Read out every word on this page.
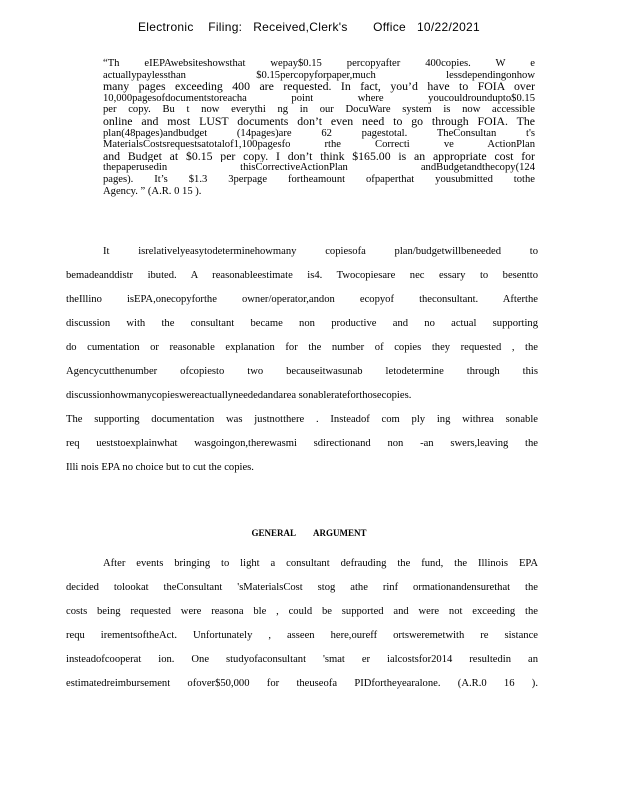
Electronic    Filing:   Received,Clerk's       Office   10/22/2021
“Th eIEPAwebsiteshowsthat wepay$0.15 percopyafter 400copies. W e
actuallypaylessthan $0.15percopyforpaper,much lessdependingonhow
many pages exceeding 400 are requested. In fact, you’d have to FOIA over
10,000pagesofdocumentstoreacha point where youcouldroundupto$0.15
per copy. Bu t now everythi ng in our DocuWare system is now accessible
online and most LUST documents don’t even need to go through FOIA. The
plan(48pages)andbudget (14pages)are 62 pagestotal. TheConsultan t's
MaterialsCostsrequestsatotalof1,100pagesfo rthe Correcti ve ActionPlan
and Budget at $0.15 per copy. I don’t think $165.00 is an appropriate cost for
thepaperusedin thisCorrectiveActionPlan andBudgetandthecopy(124
pages). It’s $1.3 3perpage fortheamount ofpaperthat yousubmitted tothe
Agency. ” (A.R. 0 15 ).
It isrelativelyeasytodeterminehowmany copiesofa plan/budgetwillbeneeded to
bemadeanddistr ibuted. A reasonableestimate is4. Twocopiesare nec essary to besentto
theIllino isEPA,onecopyforthe owner/operator,andon ecopyof theconsultant. Afterthe
discussion with the consultant became non productive and no actual supporting
do cumentation or reasonable explanation for the number of copies they requested , the
Agencycutthenumber ofcopiesto two becauseitwasunab letodetermine through this
discussionhowmanycopieswereactuallyneededandarea sonablerateforthosecopies.
The supporting documentation was justnotthere . Insteadof com ply ing withrea sonable
req ueststoexplainwhat wasgoingon,therewasmi sdirectionand non -an swers,leaving the
Illi nois EPA no choice but to cut the copies.
GENERAL        ARGUMENT
After events bringing to light a consultant defrauding the fund, the Illinois EPA
decided tolookat theConsultant 'sMaterialsCost stog athe rinf ormationandensurethat the
costs being requested were reasona ble , could be supported and were not exceeding the
requ irementsoftheAct. Unfortunately , asseen here,oureff ortsweremetwith re sistance
insteadofcooperat ion. One studyofaconsultant 'smat er ialcostsfor2014 resultedin an
estimatedreimbursement ofover$50,000 for theuseofa PIDfortheyearalone. (A.R.0 16 ).
